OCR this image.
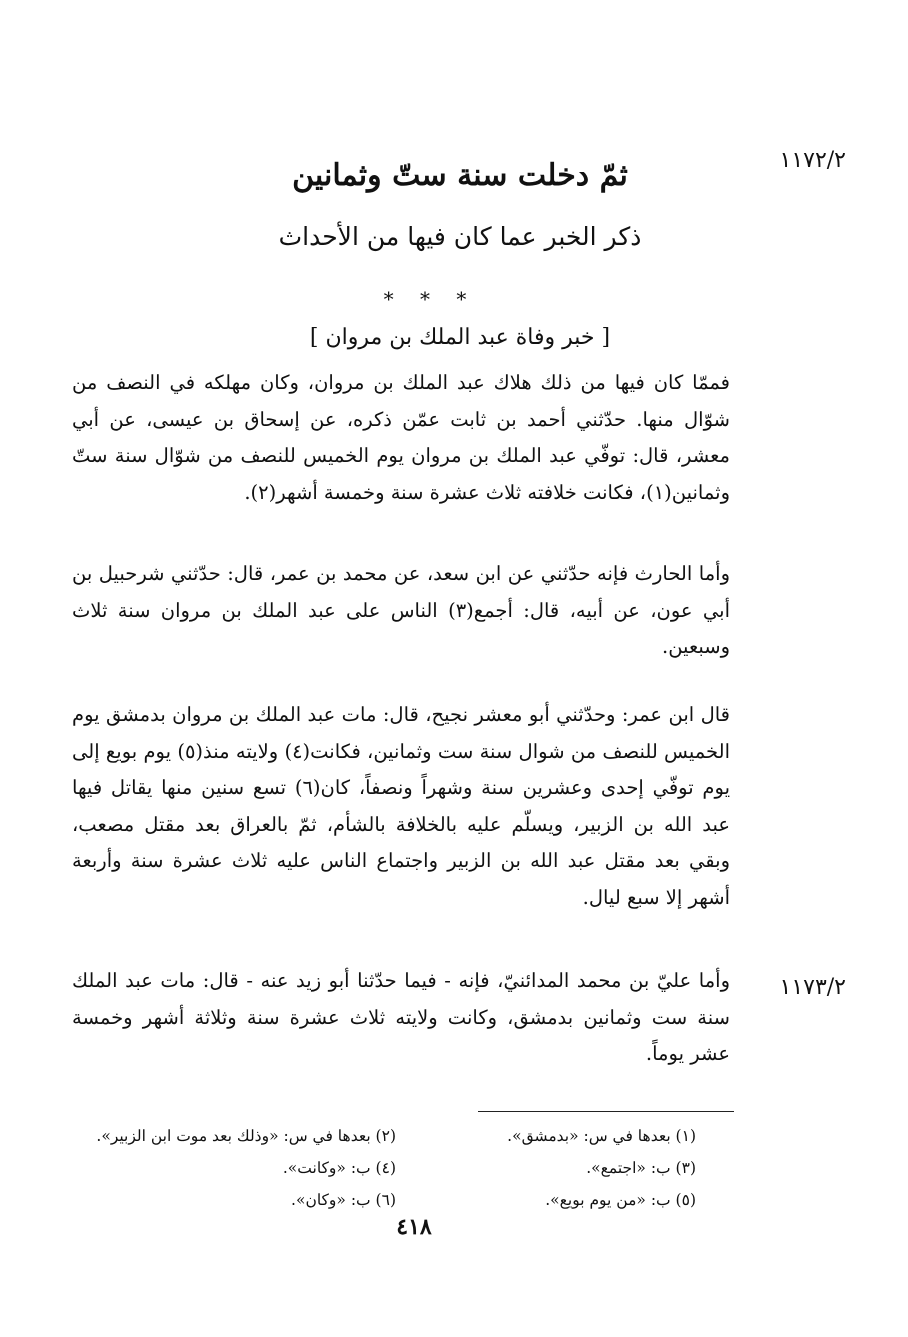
١١٧٢/٢
ثمّ دخلت سنة ستّ وثمانين
ذكر الخبر عما كان فيها من الأحداث
* * *
[ خبر وفاة عبد الملك بن مروان ]

فممّا كان فيها من ذلك هلاك عبد الملك بن مروان، وكان مهلكه في النصف من شوّال منها. حدّثني أحمد بن ثابت عمّن ذكره، عن إسحاق بن عيسى، عن أبي معشر، قال: توفّي عبد الملك بن مروان يوم الخميس للنصف من شوّال سنة ستّ وثمانين(١)، فكانت خلافته ثلاث عشرة سنة وخمسة أشهر(٢).

وأما الحارث فإنه حدّثني عن ابن سعد، عن محمد بن عمر، قال: حدّثني شرحبيل بن أبي عون، عن أبيه، قال: أجمع(٣) الناس على عبد الملك بن مروان سنة ثلاث وسبعين.

قال ابن عمر: وحدّثني أبو معشر نجيح، قال: مات عبد الملك بن مروان بدمشق يوم الخميس للنصف من شوال سنة ست وثمانين، فكانت(٤) ولايته منذ(٥) يوم بويع إلى يوم توفّي إحدى وعشرين سنة وشهراً ونصفاً، كان(٦) تسع سنين منها يقاتل فيها عبد الله بن الزبير، ويسلّم عليه بالخلافة بالشأم، ثمّ بالعراق بعد مقتل مصعب، وبقي بعد مقتل عبد الله بن الزبير واجتماع الناس عليه ثلاث عشرة سنة وأربعة أشهر إلا سبع ليال.

١١٧٣/٢

وأما عليّ بن محمد المدائنيّ، فإنه - فيما حدّثنا أبو زيد عنه - قال: مات عبد الملك سنة ست وثمانين بدمشق، وكانت ولايته ثلاث عشرة سنة وثلاثة أشهر وخمسة عشر يوماً.

(١) بعدها في س: «بدمشق».
(٢) بعدها في س: «وذلك بعد موت ابن الزبير».
(٣) ب: «اجتمع».
(٤) ب: «وكانت».
(٥) ب: «من يوم بويع».
(٦) ب: «وكان».
٤١٨
